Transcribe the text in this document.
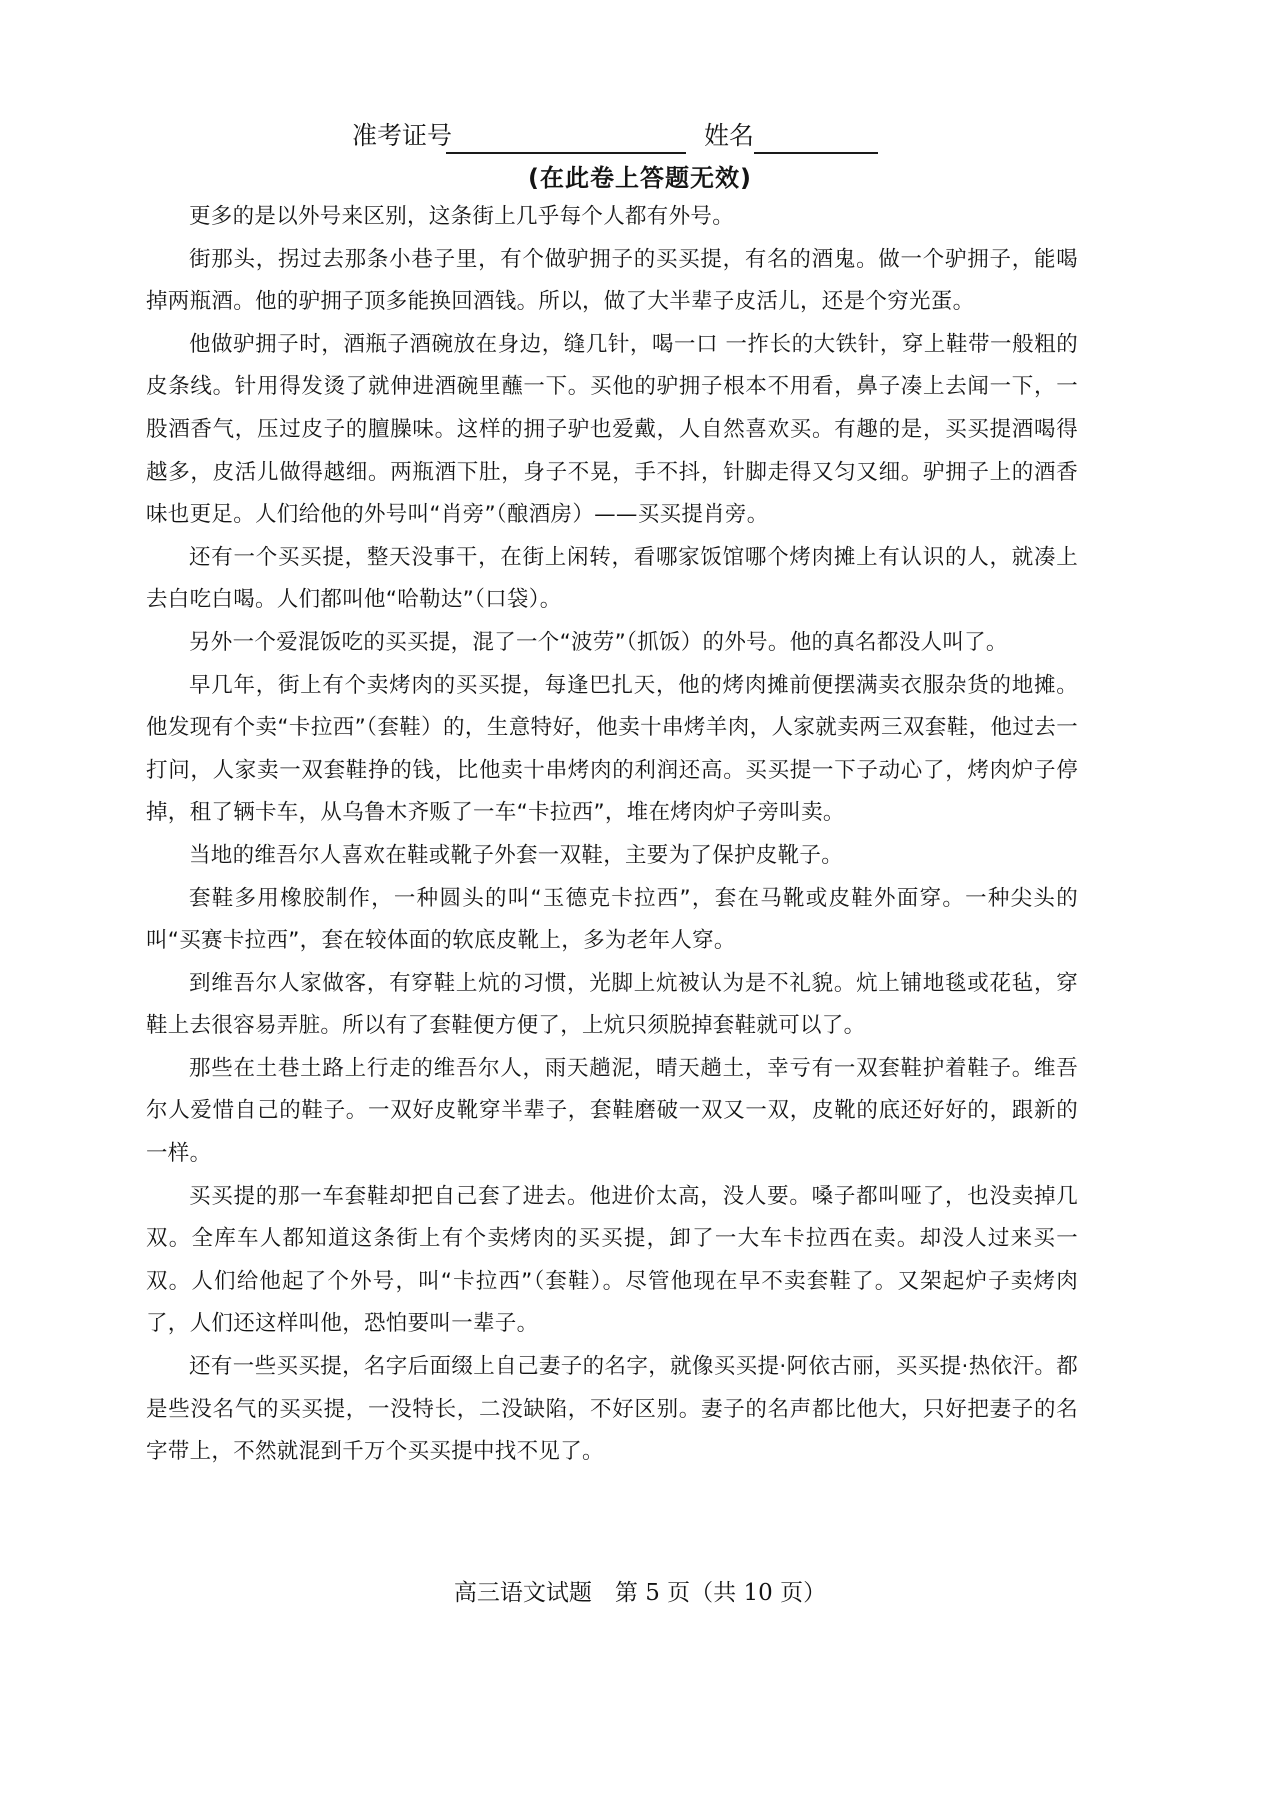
准考证号	姓名
(在此卷上答题无效)

更多的是以外号来区别，这条街上几乎每个人都有外号。

街那头，拐过去那条小巷子里，有个做驴拥子的买买提，有名的酒鬼。做一个驴拥子，能喝掉两瓶酒。他的驴拥子顶多能换回酒钱。所以，做了大半辈子皮活儿，还是个穷光蛋。

他做驴拥子时，酒瓶子酒碗放在身边，缝几针，喝一口 一拃长的大铁针，穿上鞋带一般粗的皮条线。针用得发烫了就伸进酒碗里蘸一下。买他的驴拥子根本不用看，鼻子凑上去闻一下，一股酒香气，压过皮子的膻臊味。这样的拥子驴也爱戴，人自然喜欢买。有趣的是，买买提酒喝得越多，皮活儿做得越细。两瓶酒下肚，身子不晃，手不抖，针脚走得又匀又细。驴拥子上的酒香味也更足。人们给他的外号叫“肖旁”（酿酒房）——买买提肖旁。

还有一个买买提，整天没事干，在街上闲转，看哪家饭馆哪个烤肉摊上有认识的人，就凑上去白吃白喝。人们都叫他“哈勒达”（口袋）。

另外一个爱混饭吃的买买提，混了一个“波劳”（抓饭）的外号。他的真名都没人叫了。

早几年，街上有个卖烤肉的买买提，每逢巴扎天，他的烤肉摊前便摆满卖衣服杂货的地摊。他发现有个卖“卡拉西”（套鞋）的，生意特好，他卖十串烤羊肉，人家就卖两三双套鞋，他过去一打问，人家卖一双套鞋挣的钱，比他卖十串烤肉的利润还高。买买提一下子动心了，烤肉炉子停掉，租了辆卡车，从乌鲁木齐贩了一车“卡拉西”，堆在烤肉炉子旁叫卖。

当地的维吾尔人喜欢在鞋或靴子外套一双鞋，主要为了保护皮靴子。

套鞋多用橡胶制作，一种圆头的叫“玉德克卡拉西”，套在马靴或皮鞋外面穿。一种尖头的叫“买赛卡拉西”，套在较体面的软底皮靴上，多为老年人穿。

到维吾尔人家做客，有穿鞋上炕的习惯，光脚上炕被认为是不礼貌。炕上铺地毯或花毡，穿鞋上去很容易弄脏。所以有了套鞋便方便了，上炕只须脱掉套鞋就可以了。

那些在土巷土路上行走的维吾尔人，雨天趟泥，晴天趟土，幸亏有一双套鞋护着鞋子。维吾尔人爱惜自己的鞋子。一双好皮靴穿半辈子，套鞋磨破一双又一双，皮靴的底还好好的，跟新的一样。

买买提的那一车套鞋却把自己套了进去。他进价太高，没人要。嗓子都叫哑了，也没卖掉几双。全库车人都知道这条街上有个卖烤肉的买买提，卸了一大车卡拉西在卖。却没人过来买一双。人们给他起了个外号，叫“卡拉西”（套鞋）。尽管他现在早不卖套鞋了。又架起炉子卖烤肉了，人们还这样叫他，恐怕要叫一辈子。

还有一些买买提，名字后面缀上自己妻子的名字，就像买买提·阿依古丽，买买提·热依汗。都是些没名气的买买提，一没特长，二没缺陷，不好区别。妻子的名声都比他大，只好把妻子的名字带上，不然就混到千万个买买提中找不见了。

高三语文试题　第 5 页（共 10 页）
